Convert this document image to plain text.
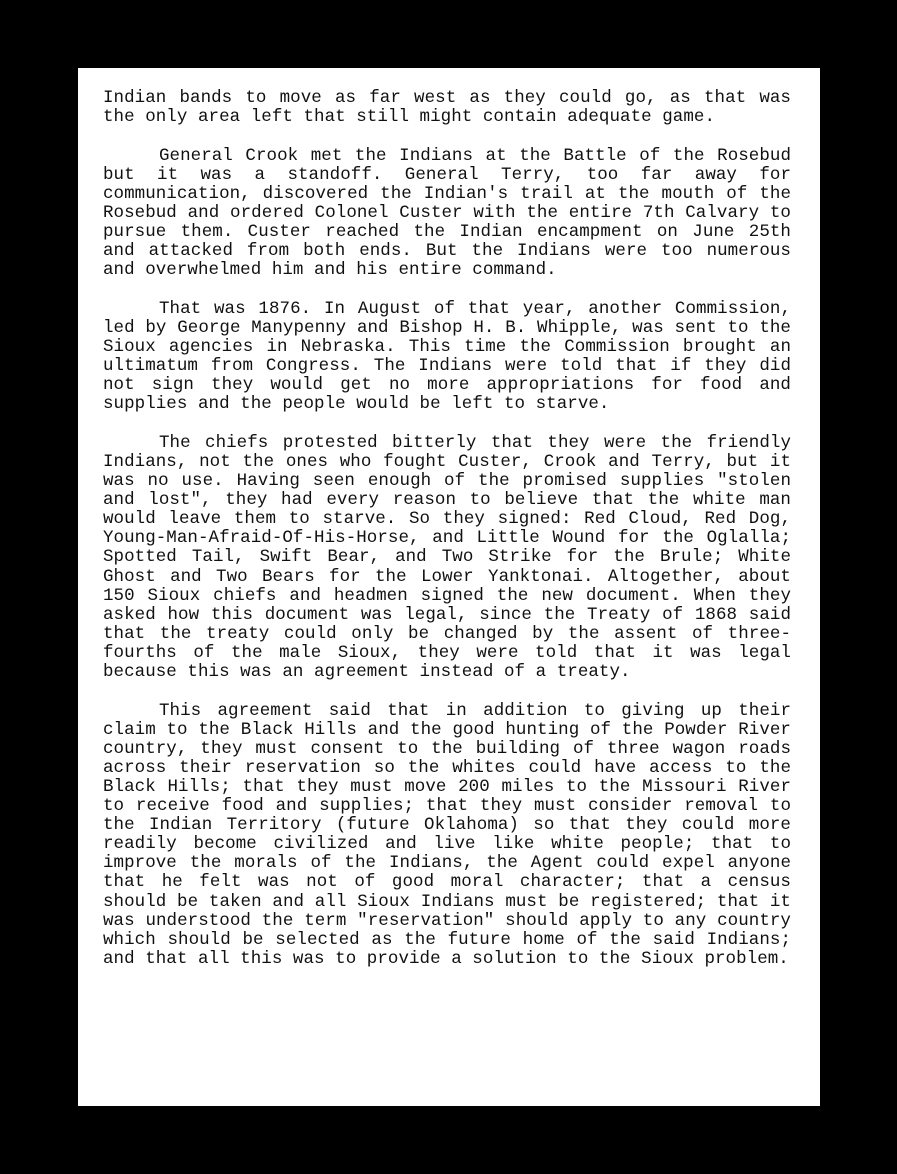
Indian bands to move as far west as they could go, as that was the only area left that still might contain adequate game.

General Crook met the Indians at the Battle of the Rosebud but it was a standoff. General Terry, too far away for communication, discovered the Indian's trail at the mouth of the Rosebud and ordered Colonel Custer with the entire 7th Calvary to pursue them. Custer reached the Indian encampment on June 25th and attacked from both ends. But the Indians were too numerous and overwhelmed him and his entire command.

That was 1876. In August of that year, another Commission, led by George Manypenny and Bishop H. B. Whipple, was sent to the Sioux agencies in Nebraska. This time the Commission brought an ultimatum from Congress. The Indians were told that if they did not sign they would get no more appropriations for food and supplies and the people would be left to starve.

The chiefs protested bitterly that they were the friendly Indians, not the ones who fought Custer, Crook and Terry, but it was no use. Having seen enough of the promised supplies "stolen and lost", they had every reason to believe that the white man would leave them to starve. So they signed: Red Cloud, Red Dog, Young-Man-Afraid-Of-His-Horse, and Little Wound for the Oglalla; Spotted Tail, Swift Bear, and Two Strike for the Brule; White Ghost and Two Bears for the Lower Yanktonai. Altogether, about 150 Sioux chiefs and headmen signed the new document. When they asked how this document was legal, since the Treaty of 1868 said that the treaty could only be changed by the assent of three-fourths of the male Sioux, they were told that it was legal because this was an agreement instead of a treaty.

This agreement said that in addition to giving up their claim to the Black Hills and the good hunting of the Powder River country, they must consent to the building of three wagon roads across their reservation so the whites could have access to the Black Hills; that they must move 200 miles to the Missouri River to receive food and supplies; that they must consider removal to the Indian Territory (future Oklahoma) so that they could more readily become civilized and live like white people; that to improve the morals of the Indians, the Agent could expel anyone that he felt was not of good moral character; that a census should be taken and all Sioux Indians must be registered; that it was understood the term "reservation" should apply to any country which should be selected as the future home of the said Indians; and that all this was to provide a solution to the Sioux problem.
